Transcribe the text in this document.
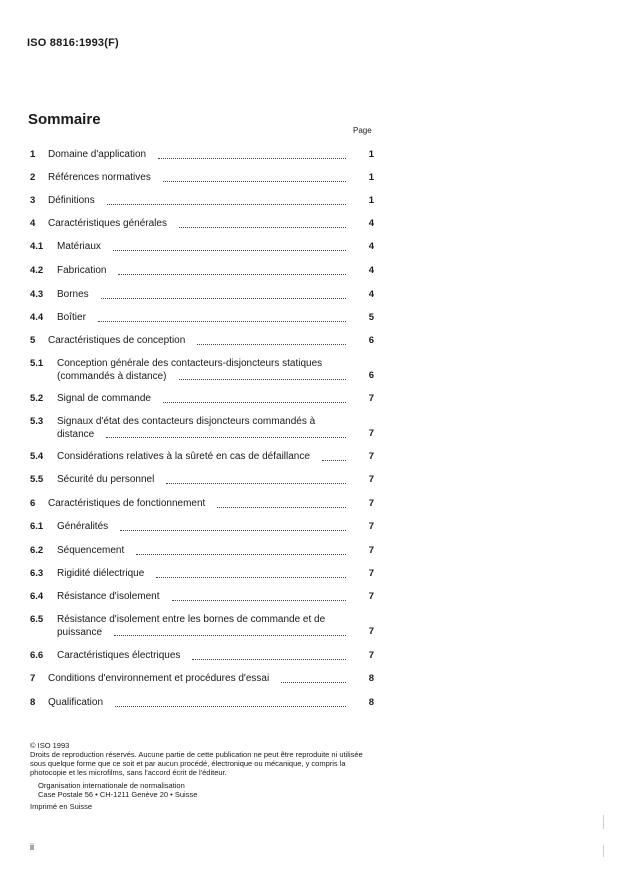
ISO 8816:1993(F)
Sommaire
Page
1	Domaine d'application	1
2	Références normatives	1
3	Définitions	1
4	Caractéristiques générales	4
4.1	Matériaux	4
4.2	Fabrication	4
4.3	Bornes	4
4.4	Boîtier	5
5	Caractéristiques de conception	6
5.1	Conception générale des contacteurs-disjoncteurs statiques
(commandés à distance)	6
5.2	Signal de commande	7
5.3	Signaux d'état des contacteurs disjoncteurs commandés à
distance	7
5.4	Considérations relatives à la sûreté en cas de défaillance	7
5.5	Sécurité du personnel	7
6	Caractéristiques de fonctionnement	7
6.1	Généralités	7
6.2	Séquencement	7
6.3	Rigidité diélectrique	7
6.4	Résistance d'isolement	7
6.5	Résistance d'isolement entre les bornes de commande et de
puissance	7
6.6	Caractéristiques électriques	7
7	Conditions d'environnement et procédures d'essai	8
8	Qualification	8
© ISO 1993
Droits de reproduction réservés. Aucune partie de cette publication ne peut être reproduite ni utilisée sous quelque forme que ce soit et par aucun procédé, électronique ou mécanique, y compris la photocopie et les microfilms, sans l'accord écrit de l'éditeur.
Organisation internationale de normalisation
Case Postale 56 • CH-1211 Genève 20 • Suisse
Imprimé en Suisse
ii
